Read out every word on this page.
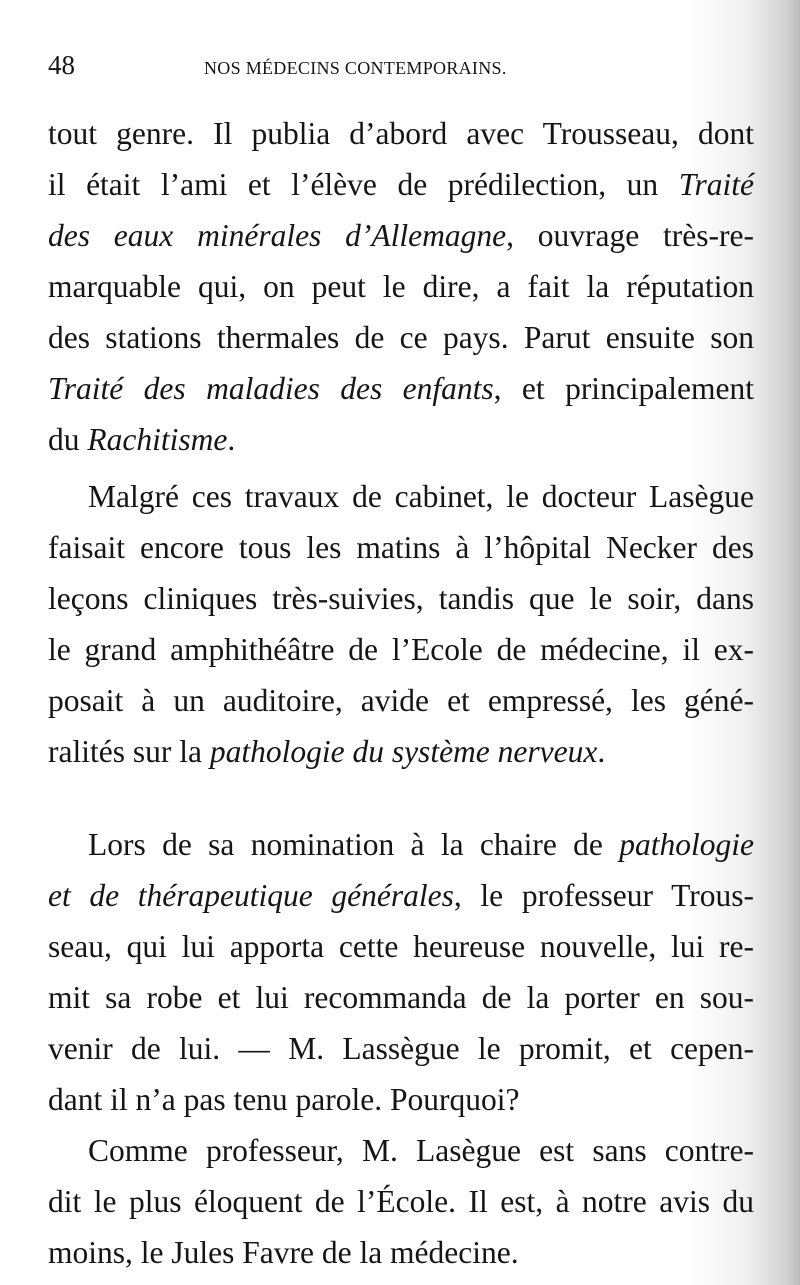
48	NOS MÉDECINS CONTEMPORAINS.
tout genre. Il publia d’abord avec Trousseau, dont
il était l’ami et l’élève de prédilection, un Traité
des eaux minérales d’Allemagne, ouvrage très-re-
marquable qui, on peut le dire, a fait la réputation
des stations thermales de ce pays. Parut ensuite son
Traité des maladies des enfants, et principalement
du Rachitisme.
Malgré ces travaux de cabinet, le docteur Lasègue
faisait encore tous les matins à l’hôpital Necker des
leçons cliniques très-suivies, tandis que le soir, dans
le grand amphithéâtre de l’Ecole de médecine, il ex-
posait à un auditoire, avide et empressé, les géné-
ralités sur la pathologie du système nerveux.
Lors de sa nomination à la chaire de pathologie
et de thérapeutique générales, le professeur Trous-
seau, qui lui apporta cette heureuse nouvelle, lui re-
mit sa robe et lui recommanda de la porter en sou-
venir de lui. — M. Lassègue le promit, et cepen-
dant il n’a pas tenu parole. Pourquoi?
Comme professeur, M. Lasègue est sans contre-
dit le plus éloquent de l’École. Il est, à notre avis du
moins, le Jules Favre de la médecine.
